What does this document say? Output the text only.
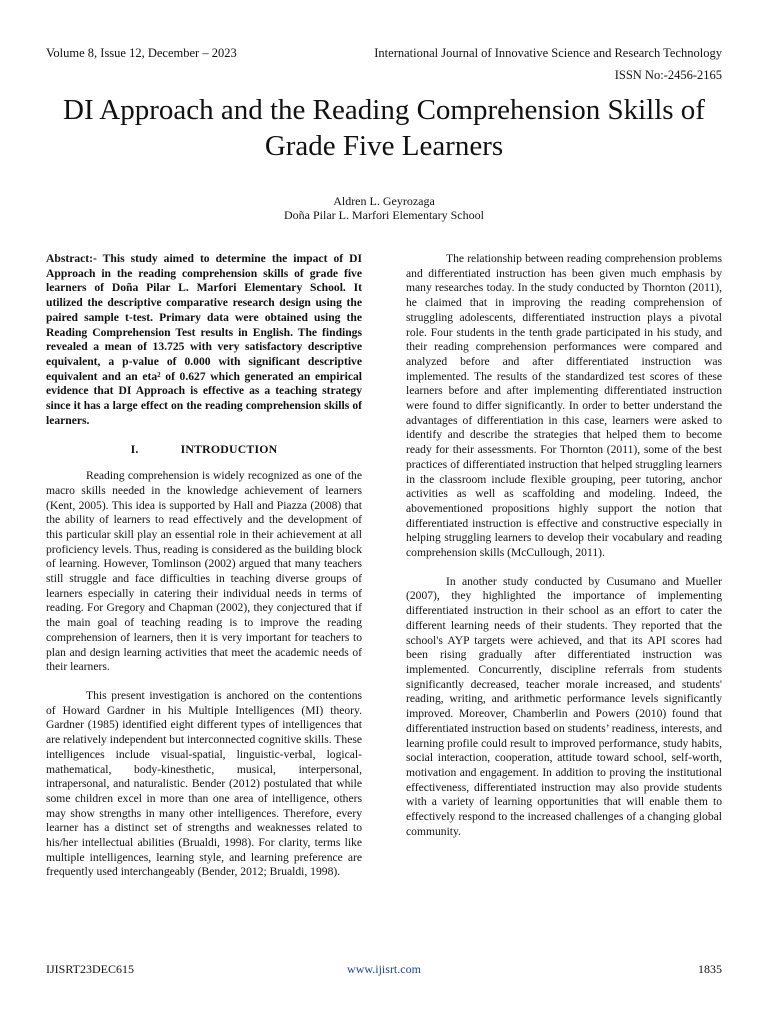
Volume 8, Issue 12, December – 2023	International Journal of Innovative Science and Research Technology
ISSN No:-2456-2165
DI Approach and the Reading Comprehension Skills of Grade Five Learners
Aldren L. Geyrozaga
Doña Pilar L. Marfori Elementary School

Abstract:- This study aimed to determine the impact of DI Approach in the reading comprehension skills of grade five learners of Doña Pilar L. Marfori Elementary School. It utilized the descriptive comparative research design using the paired sample t-test. Primary data were obtained using the Reading Comprehension Test results in English. The findings revealed a mean of 13.725 with very satisfactory descriptive equivalent, a p-value of 0.000 with significant descriptive equivalent and an eta² of 0.627 which generated an empirical evidence that DI Approach is effective as a teaching strategy since it has a large effect on the reading comprehension skills of learners.

I.	INTRODUCTION

Reading comprehension is widely recognized as one of the macro skills needed in the knowledge achievement of learners (Kent, 2005). This idea is supported by Hall and Piazza (2008) that the ability of learners to read effectively and the development of this particular skill play an essential role in their achievement at all proficiency levels. Thus, reading is considered as the building block of learning. However, Tomlinson (2002) argued that many teachers still struggle and face difficulties in teaching diverse groups of learners especially in catering their individual needs in terms of reading. For Gregory and Chapman (2002), they conjectured that if the main goal of teaching reading is to improve the reading comprehension of learners, then it is very important for teachers to plan and design learning activities that meet the academic needs of their learners.

This present investigation is anchored on the contentions of Howard Gardner in his Multiple Intelligences (MI) theory. Gardner (1985) identified eight different types of intelligences that are relatively independent but interconnected cognitive skills. These intelligences include visual-spatial, linguistic-verbal, logical-mathematical, body-kinesthetic, musical, interpersonal, intrapersonal, and naturalistic. Bender (2012) postulated that while some children excel in more than one area of intelligence, others may show strengths in many other intelligences. Therefore, every learner has a distinct set of strengths and weaknesses related to his/her intellectual abilities (Brualdi, 1998). For clarity, terms like multiple intelligences, learning style, and learning preference are frequently used interchangeably (Bender, 2012; Brualdi, 1998).

The relationship between reading comprehension problems and differentiated instruction has been given much emphasis by many researches today. In the study conducted by Thornton (2011), he claimed that in improving the reading comprehension of struggling adolescents, differentiated instruction plays a pivotal role. Four students in the tenth grade participated in his study, and their reading comprehension performances were compared and analyzed before and after differentiated instruction was implemented. The results of the standardized test scores of these learners before and after implementing differentiated instruction were found to differ significantly. In order to better understand the advantages of differentiation in this case, learners were asked to identify and describe the strategies that helped them to become ready for their assessments. For Thornton (2011), some of the best practices of differentiated instruction that helped struggling learners in the classroom include flexible grouping, peer tutoring, anchor activities as well as scaffolding and modeling. Indeed, the abovementioned propositions highly support the notion that differentiated instruction is effective and constructive especially in helping struggling learners to develop their vocabulary and reading comprehension skills (McCullough, 2011).

In another study conducted by Cusumano and Mueller (2007), they highlighted the importance of implementing differentiated instruction in their school as an effort to cater the different learning needs of their students. They reported that the school's AYP targets were achieved, and that its API scores had been rising gradually after differentiated instruction was implemented. Concurrently, discipline referrals from students significantly decreased, teacher morale increased, and students' reading, writing, and arithmetic performance levels significantly improved. Moreover, Chamberlin and Powers (2010) found that differentiated instruction based on students’ readiness, interests, and learning profile could result to improved performance, study habits, social interaction, cooperation, attitude toward school, self-worth, motivation and engagement. In addition to proving the institutional effectiveness, differentiated instruction may also provide students with a variety of learning opportunities that will enable them to effectively respond to the increased challenges of a changing global community.

IJISRT23DEC615	www.ijisrt.com	1835
